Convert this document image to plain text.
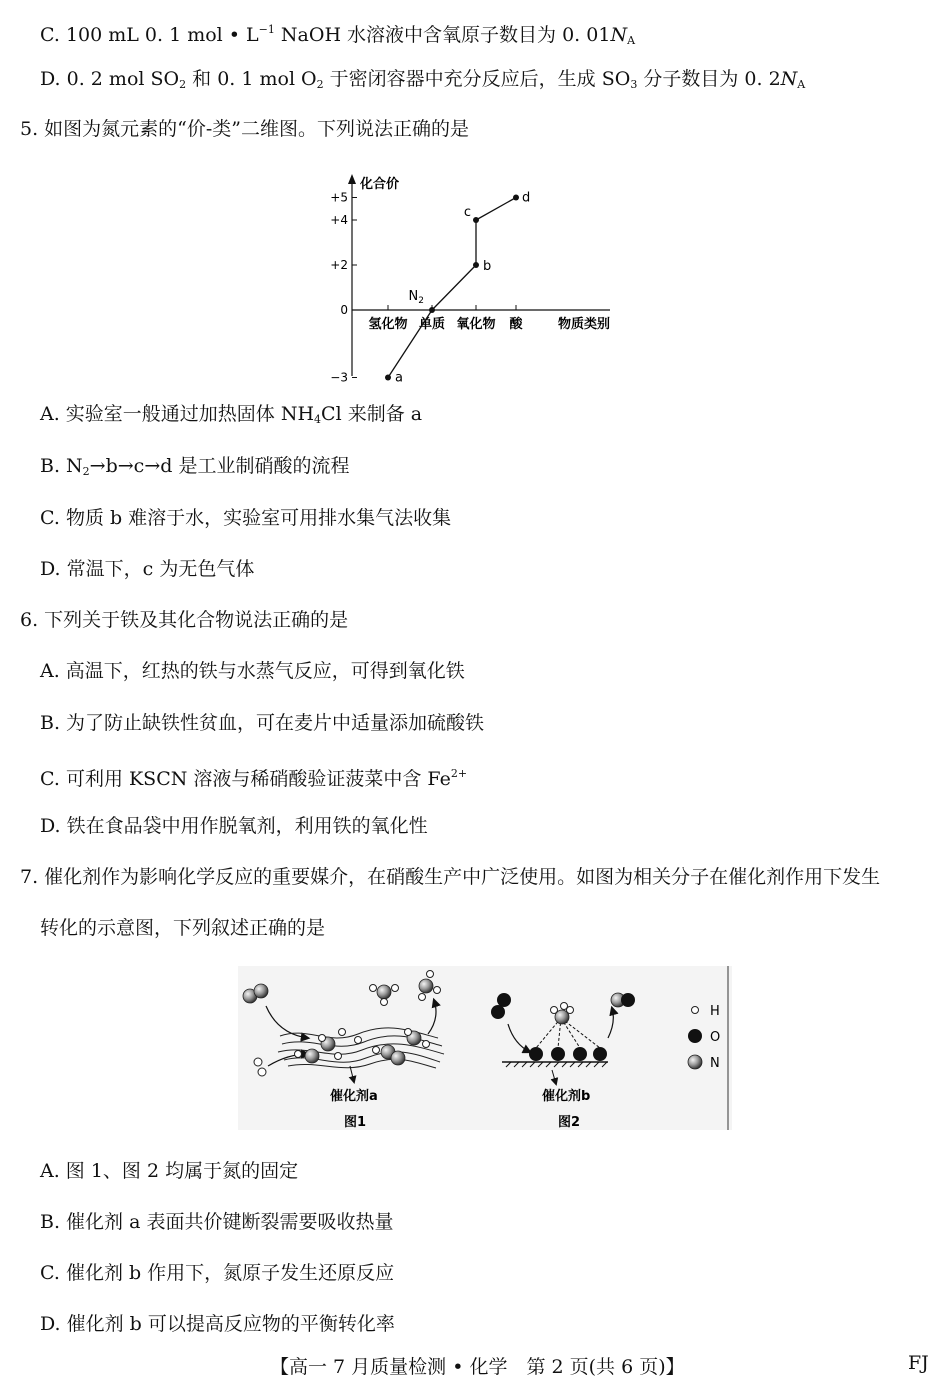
C. 100 mL 0. 1 mol • $L^{-1}$ NaOH 水溶液中含氧原子数目为 0. $01N_A$
D. 0. 2 mol $SO_2$ 和 0. 1 mol $O_2$ 于密闭容器中充分反应后，生成 $SO_3$ 分子数目为 0. $2N_A$
5. 如图为氮元素的“价-类”二维图。下列说法正确的是
化合价
物质类别
+5
+4
+2
0
−3
氢化物 单质 氧化物 酸
a
$N_2$
b
c
d
A. 实验室一般通过加热固体 $NH_4Cl$ 来制备 a
B. $N_2\to b\to c\to d$ 是工业制硝酸的流程
C. 物质 b 难溶于水，实验室可用排水集气法收集
D. 常温下，c 为无色气体
6. 下列关于铁及其化合物说法正确的是
A. 高温下，红热的铁与水蒸气反应，可得到氧化铁
B. 为了防止缺铁性贫血，可在麦片中适量添加硫酸铁
C. 可利用 KSCN 溶液与稀硝酸验证菠菜中含 $Fe^{2+}$
D. 铁在食品袋中用作脱氧剂，利用铁的氧化性
7. 催化剂作为影响化学反应的重要媒介，在硝酸生产中广泛使用。如图为相关分子在催化剂作用下发生
转化的示意图，下列叙述正确的是
催化剂a
图1
催化剂b
图2
H
O
N
A. 图 1、图 2 均属于氮的固定
B. 催化剂 a 表面共价键断裂需要吸收热量
C. 催化剂 b 作用下，氮原子发生还原反应
D. 催化剂 b 可以提高反应物的平衡转化率
【高一 7 月质量检测 • 化学　第 2 页(共 6 页)】	FJ
